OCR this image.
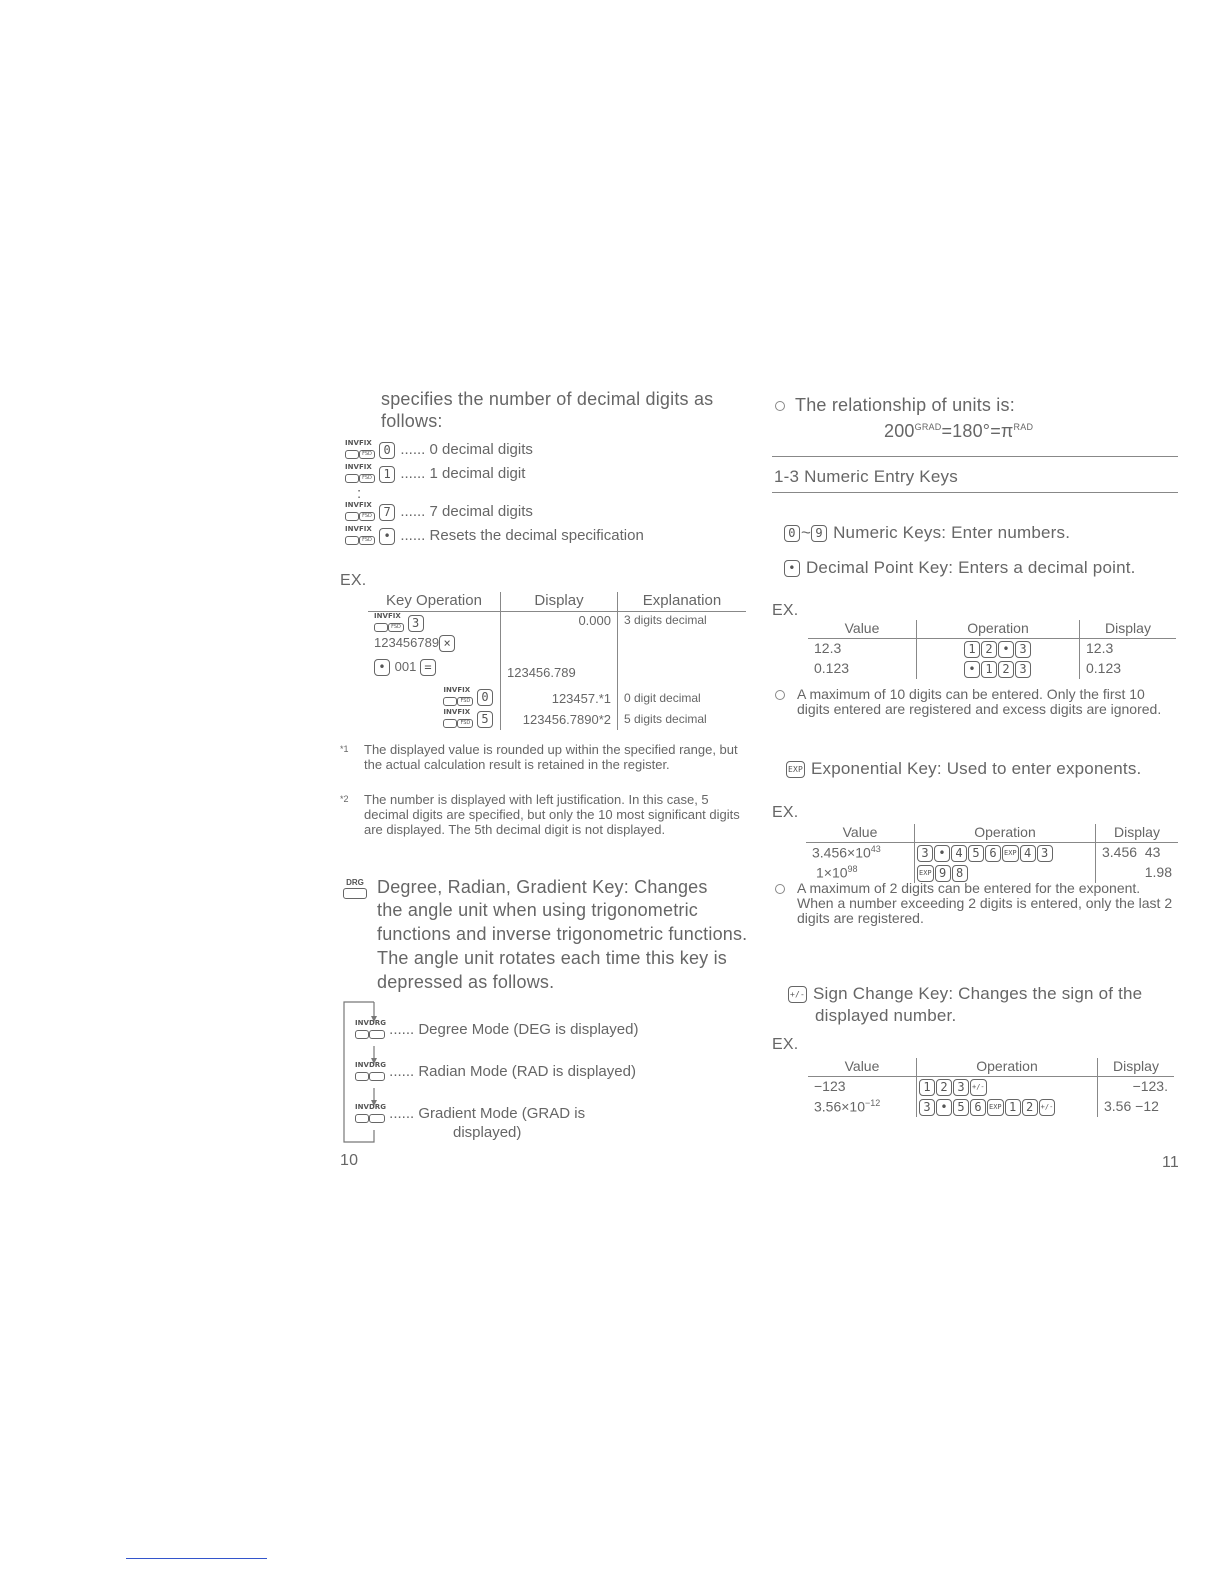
specifies the number of decimal digits as
follows:
INV FIX
FSD 0 ...... 0 decimal digits
INV FIX
FSD 1 ...... 1 decimal digit
:
INV FIX
FSD 7 ...... 7 decimal digits
INV FIX
FSD • ...... Resets the decimal specification
EX.
Key Operation	Display	Explanation

INV FIX
FSD 3	0.000	3 digits decimal
123456789 ×		
• 001 =	123456.789	

INV FIX
FSD 0	123457.*1	0 digit decimal

INV FIX
FSD 5	123456.7890*2	5 digits decimal
*1 The displayed value is rounded up within the specified range, but the actual calculation result is retained in the register.
*2 The number is displayed with left justification. In this case, 5 decimal digits are specified, but only the 10 most significant digits are displayed. The 5th decimal digit is not displayed.
DRG Degree, Radian, Gradient Key: Changes
the angle unit when using trigonometric functions and inverse trigonometric functions. The angle unit rotates each time this key is depressed as follows.
INV DRG ...... Degree Mode (DEG is displayed)
INV DRG ...... Radian Mode (RAD is displayed)
INV DRG ...... Gradient Mode (GRAD is
displayed)
10
The relationship of units is:
$200^{GRAD}=180^\circ=\pi^{RAD}$
1-3 Numeric Entry Keys
0 ~ 9 Numeric Keys: Enter numbers.
• Decimal Point Key: Enters a decimal point.
EX.
Value	Operation	Display
12.3	1 2 • 3	12.3
0.123	• 1 2 3	0.123
A maximum of 10 digits can be entered. Only the first 10 digits entered are registered and excess digits are ignored.
EXP Exponential Key: Used to enter exponents.
EX.
Value	Operation	Display
$3.456\times 10^{43}$	3 • 4 5 6 EXP 4 3	3.456  43
$1\times 10^{98}$	EXP 9 8	1.98
A maximum of 2 digits can be entered for the exponent. When a number exceeding 2 digits is entered, only the last 2 digits are registered.
+/- Sign Change Key: Changes the sign of the
displayed number.
EX.
Value	Operation	Display
−123	1 2 3 +/-	−123.
$3.56\times 10^{-12}$	3 • 5 6 EXP 1 2 +/-	3.56 −12
11
